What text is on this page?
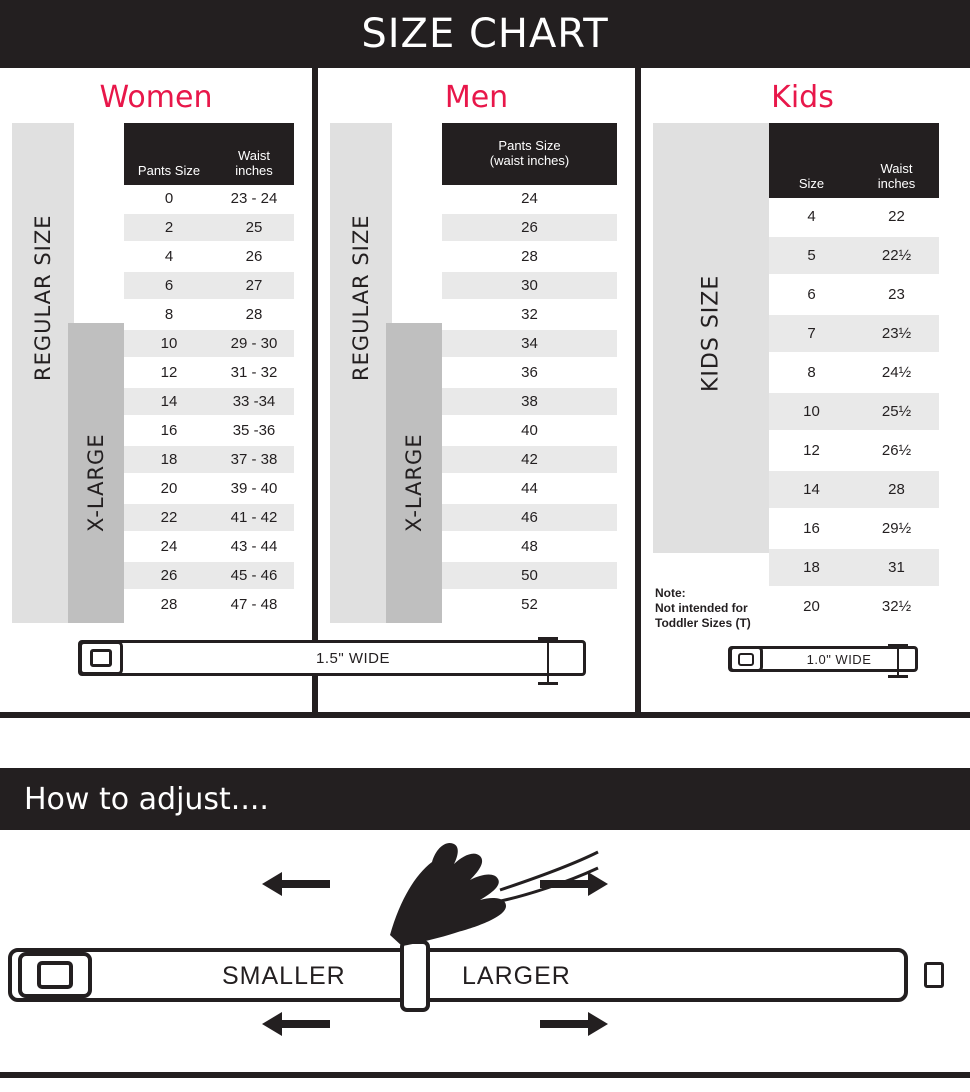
SIZE CHART
Women
REGULAR SIZE
X-LARGE
Pants Size	Waist
inches
0	23 - 24
2	25
4	26
6	27
8	28
10	29 - 30
12	31 - 32
14	33 -34
16	35 -36
18	37 - 38
20	39 - 40
22	41 - 42
24	43 - 44
26	45 - 46
28	47 - 48
Men
REGULAR SIZE
X-LARGE
Pants Size
(waist inches)
24
26
28
30
32
34
36
38
40
42
44
46
48
50
52
Kids
KIDS SIZE
Size	Waist
inches
4	22
5	22½
6	23
7	23½
8	24½
10	25½
12	26½
14	28
16	29½
18	31
20	32½
Note:
Not intended for
Toddler Sizes (T)
1.5" WIDE	1.0" WIDE
How to adjust....
SMALLER	LARGER
